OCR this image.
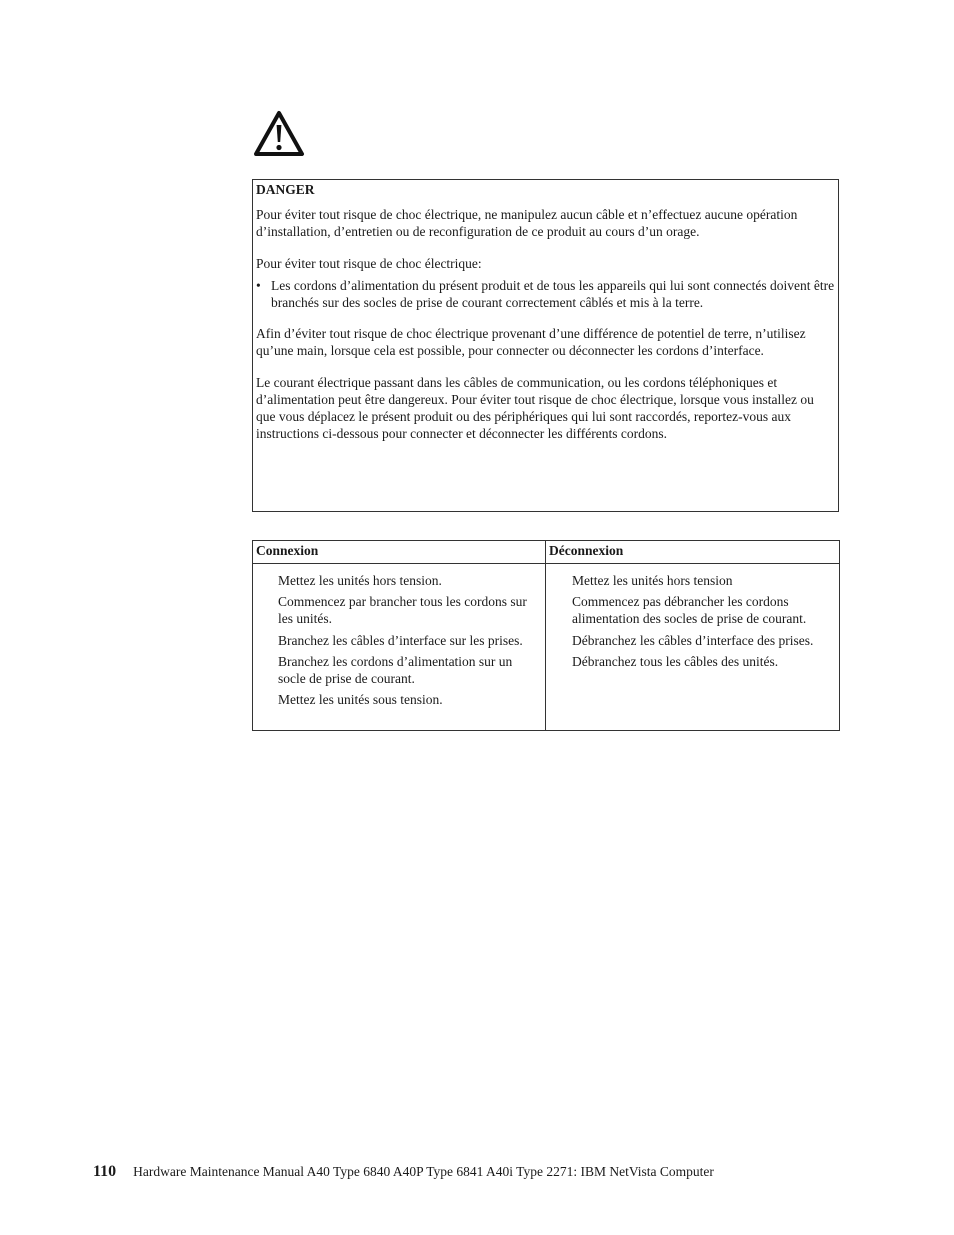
DANGER

Pour éviter tout risque de choc électrique, ne manipulez aucun câble et n’effectuez aucune opération d’installation, d’entretien ou de reconfiguration de ce produit au cours d’un orage.

Pour éviter tout risque de choc électrique:

• Les cordons d’alimentation du présent produit et de tous les appareils qui lui sont connectés doivent être branchés sur des socles de prise de courant correctement câblés et mis à la terre.

Afin d’éviter tout risque de choc électrique provenant d’une différence de potentiel de terre, n’utilisez qu’une main, lorsque cela est possible, pour connecter ou déconnecter les cordons d’interface.

Le courant électrique passant dans les câbles de communication, ou les cordons téléphoniques et d’alimentation peut être dangereux. Pour éviter tout risque de choc électrique, lorsque vous installez ou que vous déplacez le présent produit ou des périphériques qui lui sont raccordés, reportez-vous aux instructions ci-dessous pour connecter et déconnecter les différents cordons.

Connexion	Déconnexion
Mettez les unités hors tension.
Commencez par brancher tous les cordons sur les unités.
Branchez les câbles d’interface sur les prises.
Branchez les cordons d’alimentation sur un socle de prise de courant.
Mettez les unités sous tension.
Mettez les unités hors tension
Commencez pas débrancher les cordons alimentation des socles de prise de courant.
Débranchez les câbles d’interface des prises.
Débranchez tous les câbles des unités.
110 Hardware Maintenance Manual A40 Type 6840 A40P Type 6841 A40i Type 2271: IBM NetVista Computer
